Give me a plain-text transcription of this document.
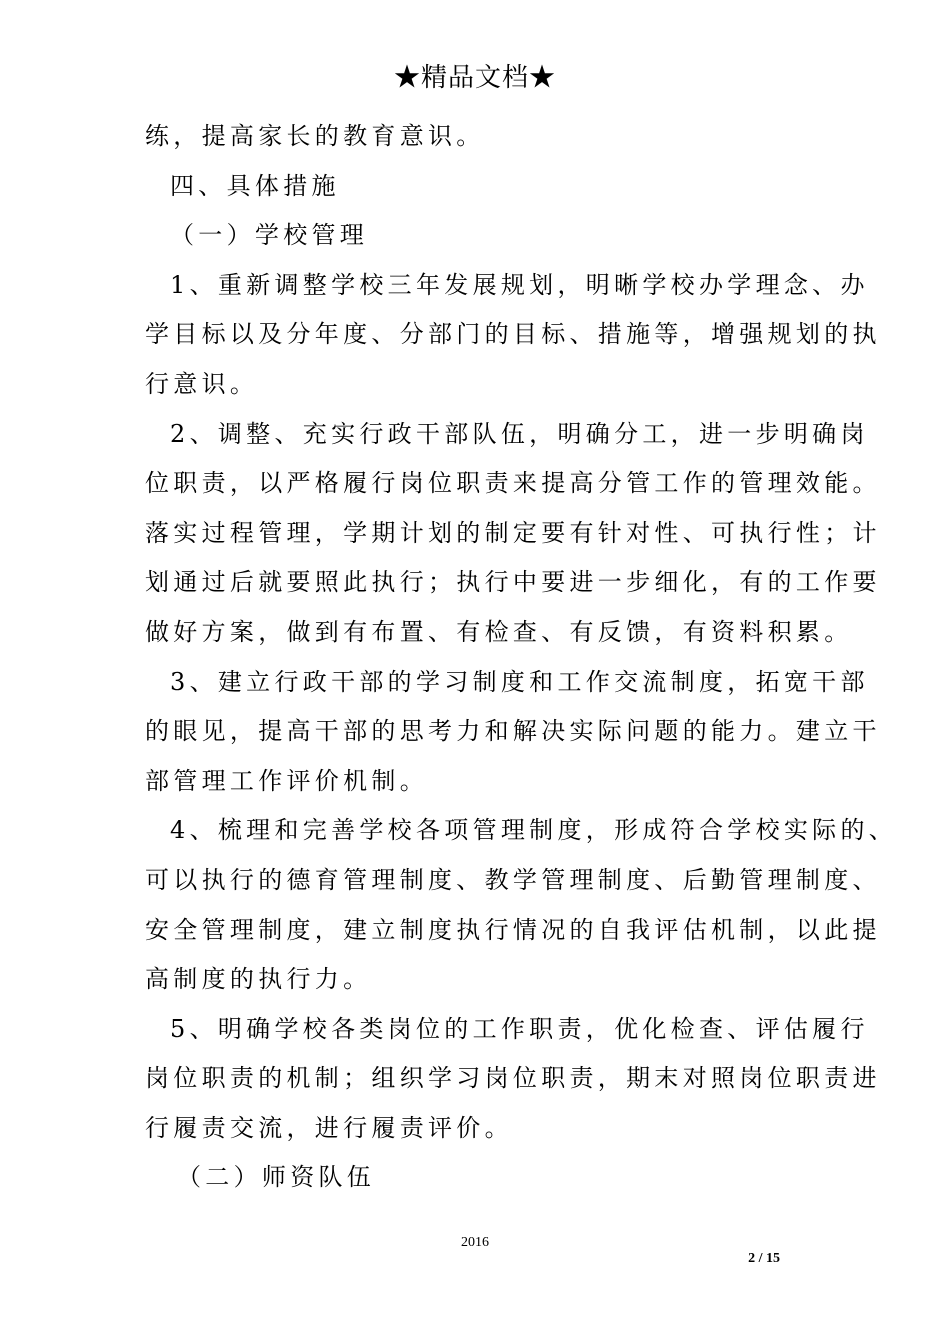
★精品文档★
练，提高家长的教育意识。
四、具体措施
（一）学校管理
1、重新调整学校三年发展规划，明晰学校办学理念、办
学目标以及分年度、分部门的目标、措施等，增强规划的执
行意识。
2、调整、充实行政干部队伍，明确分工，进一步明确岗
位职责，以严格履行岗位职责来提高分管工作的管理效能。
落实过程管理，学期计划的制定要有针对性、可执行性；计
划通过后就要照此执行；执行中要进一步细化，有的工作要
做好方案，做到有布置、有检查、有反馈，有资料积累。
3、建立行政干部的学习制度和工作交流制度，拓宽干部
的眼见，提高干部的思考力和解决实际问题的能力。建立干
部管理工作评价机制。
4、梳理和完善学校各项管理制度，形成符合学校实际的、
可以执行的德育管理制度、教学管理制度、后勤管理制度、
安全管理制度，建立制度执行情况的自我评估机制，以此提
高制度的执行力。
5、明确学校各类岗位的工作职责，优化检查、评估履行
岗位职责的机制；组织学习岗位职责，期末对照岗位职责进
行履责交流，进行履责评价。
（二）师资队伍
2016
2 / 15
